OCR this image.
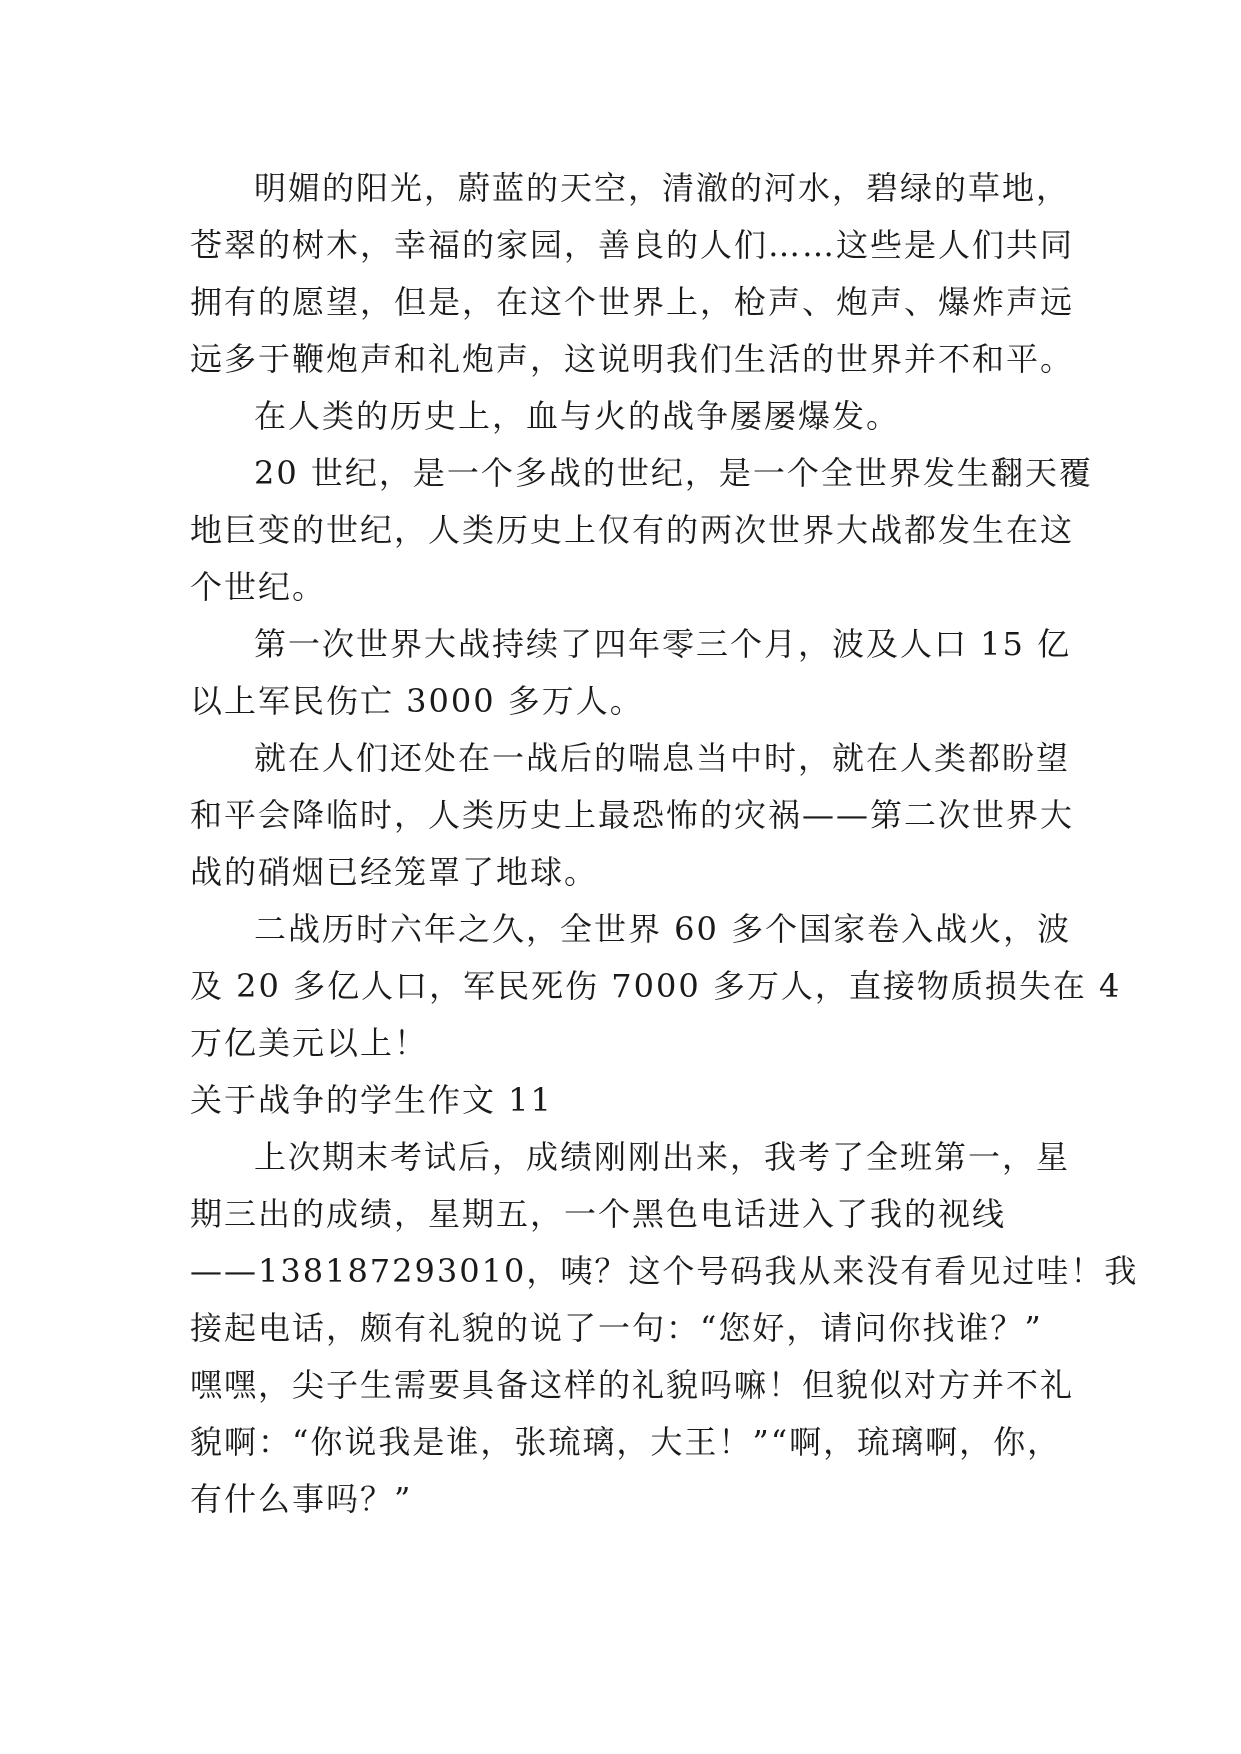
明媚的阳光，蔚蓝的天空，清澈的河水，碧绿的草地，
苍翠的树木，幸福的家园，善良的人们……这些是人们共同
拥有的愿望，但是，在这个世界上，枪声、炮声、爆炸声远
远多于鞭炮声和礼炮声，这说明我们生活的世界并不和平。

在人类的历史上，血与火的战争屡屡爆发。

20 世纪，是一个多战的世纪，是一个全世界发生翻天覆
地巨变的世纪，人类历史上仅有的两次世界大战都发生在这
个世纪。

第一次世界大战持续了四年零三个月，波及人口 15 亿
以上军民伤亡 3000 多万人。

就在人们还处在一战后的喘息当中时，就在人类都盼望
和平会降临时，人类历史上最恐怖的灾祸——第二次世界大
战的硝烟已经笼罩了地球。

二战历时六年之久，全世界 60 多个国家卷入战火，波
及 20 多亿人口，军民死伤 7000 多万人，直接物质损失在 4
万亿美元以上！

关于战争的学生作文 11

上次期末考试后，成绩刚刚出来，我考了全班第一，星
期三出的成绩，星期五，一个黑色电话进入了我的视线
——138187293010，咦？这个号码我从来没有看见过哇！我
接起电话，颇有礼貌的说了一句：“您好，请问你找谁？”
嘿嘿，尖子生需要具备这样的礼貌吗嘛！但貌似对方并不礼
貌啊：“你说我是谁，张琉璃，大王！”“啊，琉璃啊，你，
有什么事吗？”
